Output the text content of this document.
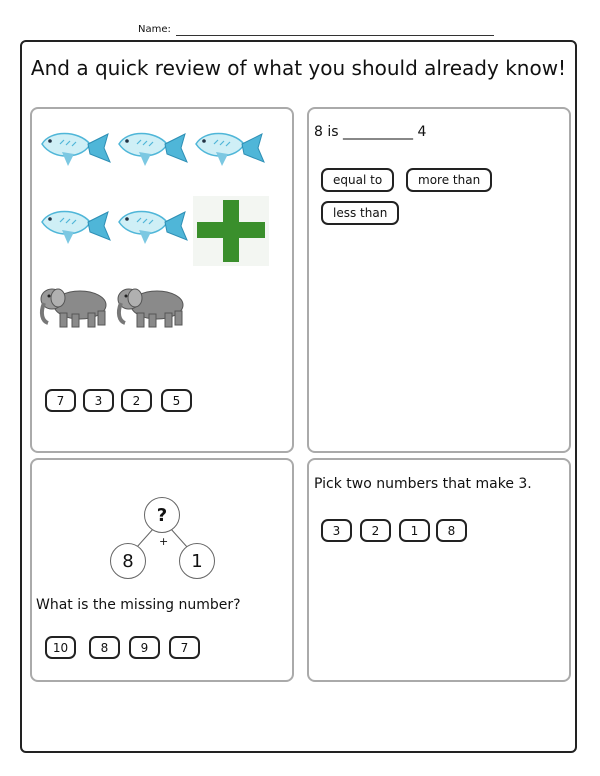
Name:
And a quick review of what you should already know!
7	3	2	5
8 is __________ 4
equal to	more than
less than
?
+
8	1
What is the missing number?
10	8	9	7
Pick two numbers that make 3.
3	2	1	8
